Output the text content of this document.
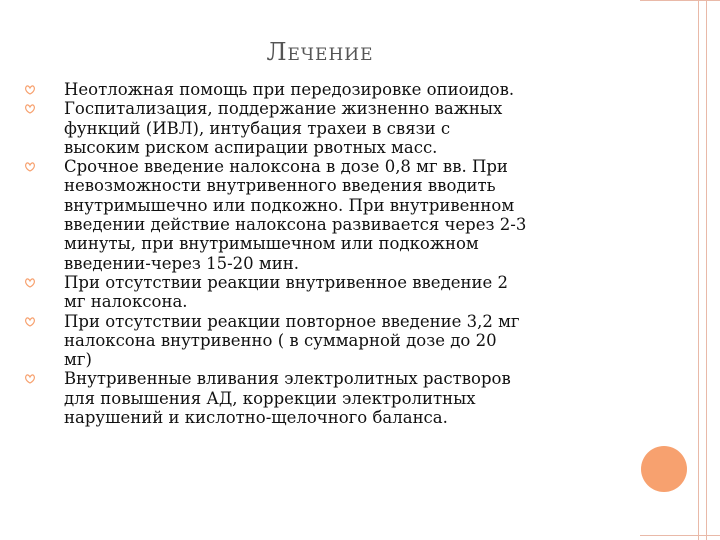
ЛЕЧЕНИЕ
Неотложная помощь при передозировке опиоидов.
Госпитализация, поддержание жизненно важных
функций (ИВЛ), интубация трахеи в связи с
высоким риском аспирации рвотных масс.
Срочное введение налоксона в дозе 0,8 мг вв. При
невозможности внутривенного введения вводить
внутримышечно или подкожно. При внутривенном
введении действие налоксона развивается через 2-3
минуты, при внутримышечном или подкожном
введении-через 15-20 мин.
При отсутствии реакции внутривенное введение 2
мг налоксона.
При отсутствии реакции повторное введение 3,2 мг
налоксона внутривенно ( в суммарной дозе до 20
мг)
Внутривенные вливания электролитных растворов
для повышения АД, коррекции электролитных
нарушений и кислотно-щелочного баланса.
